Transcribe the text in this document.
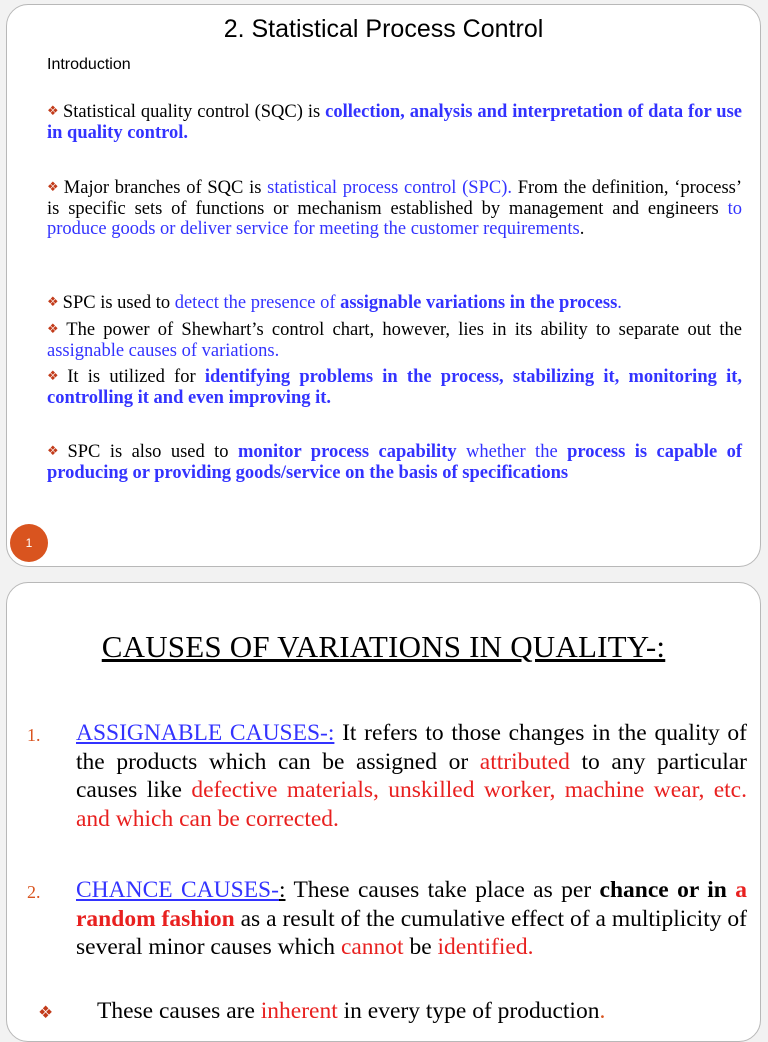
2. Statistical Process Control
Introduction
❖ Statistical quality control (SQC) is collection, analysis and interpretation of data for use in quality control.
❖ Major branches of SQC is statistical process control (SPC). From the definition, ‘process’ is specific sets of functions or mechanism established by management and engineers to produce goods or deliver service for meeting the customer requirements.
❖ SPC is used to detect the presence of assignable variations in the process.
❖ The power of Shewhart’s control chart, however, lies in its ability to separate out the assignable causes of variations.
❖ It is utilized for identifying problems in the process, stabilizing it, monitoring it, controlling it and even improving it.
❖ SPC is also used to monitor process capability whether the process is capable of producing or providing goods/service on the basis of specifications
1
CAUSES OF VARIATIONS IN QUALITY-:
1. ASSIGNABLE CAUSES-: It refers to those changes in the quality of the products which can be assigned or attributed to any particular causes like defective materials, unskilled worker, machine wear, etc. and which can be corrected.
2. CHANCE CAUSES-: These causes take place as per chance or in a random fashion as a result of the cumulative effect of a multiplicity of several minor causes which cannot be identified.
❖ These causes are inherent in every type of production.
